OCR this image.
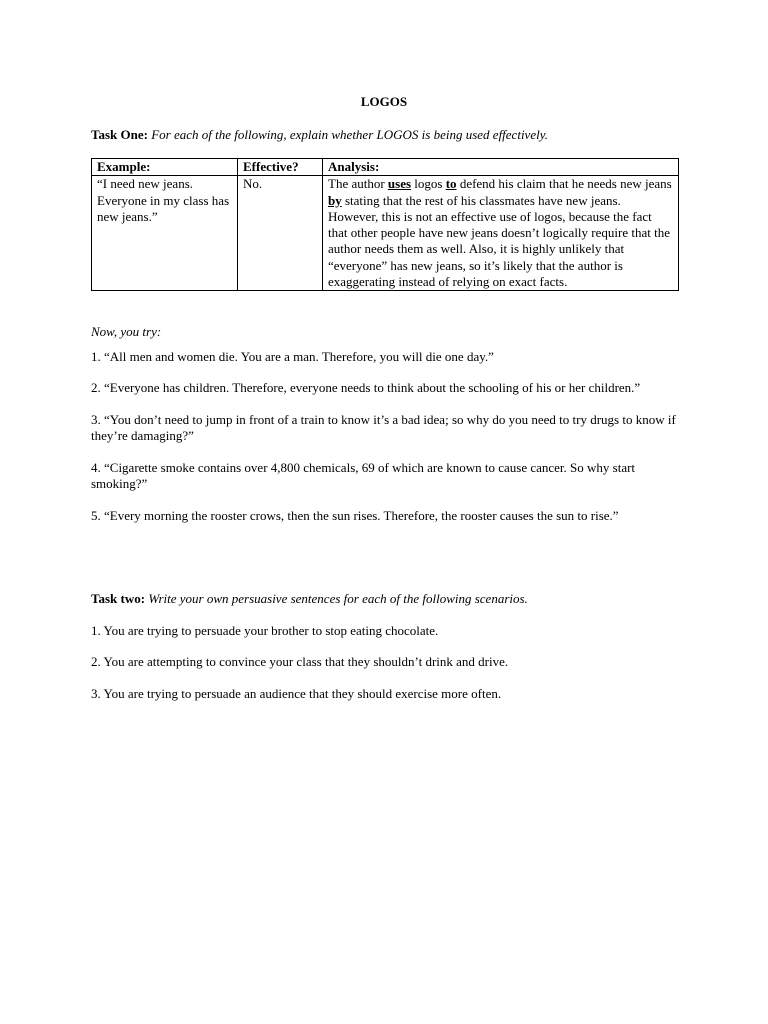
LOGOS
Task One: For each of the following, explain whether LOGOS is being used effectively.
Example:	Effective?	Analysis:
“I need new jeans. Everyone in my class has new jeans.”	No.	The author uses logos to defend his claim that he needs new jeans by stating that the rest of his classmates have new jeans. However, this is not an effective use of logos, because the fact that other people have new jeans doesn’t logically require that the author needs them as well. Also, it is highly unlikely that “everyone” has new jeans, so it’s likely that the author is exaggerating instead of relying on exact facts.
Now, you try:
1. “All men and women die. You are a man. Therefore, you will die one day.”
2. “Everyone has children. Therefore, everyone needs to think about the schooling of his or her children.”
3. “You don’t need to jump in front of a train to know it’s a bad idea; so why do you need to try drugs to know if they’re damaging?”
4. “Cigarette smoke contains over 4,800 chemicals, 69 of which are known to cause cancer. So why start smoking?”
5. “Every morning the rooster crows, then the sun rises. Therefore, the rooster causes the sun to rise.”
Task two: Write your own persuasive sentences for each of the following scenarios.
1. You are trying to persuade your brother to stop eating chocolate.
2. You are attempting to convince your class that they shouldn’t drink and drive.
3. You are trying to persuade an audience that they should exercise more often.
